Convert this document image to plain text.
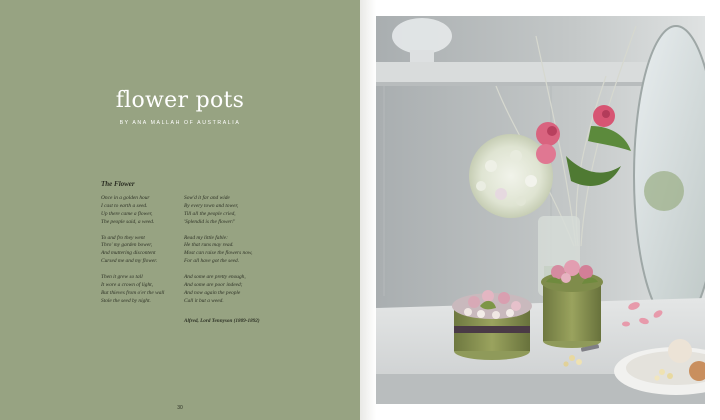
flower pots
BY ANA MALLAH OF AUSTRALIA
The Flower
Once in a golden hour
I cast to earth a seed.
Up there came a flower,
The people said, a weed.
To and fro they went
Thro' my garden bower,
And muttering discontent
Cursed me and my flower.
Then it grew so tall
It wore a crown of light,
But thieves from o'er the wall
Stole the seed by night.
Sow'd it far and wide
By every town and tower,
Till all the people cried,
'Splendid is the flower!'
Read my little fable:
He that runs may read.
Most can raise the flowers now,
For all have got the seed.
And some are pretty enough,
And some are poor indeed;
And now again the people
Call it but a weed.
Alfred, Lord Tennyson (1809-1892)
30
